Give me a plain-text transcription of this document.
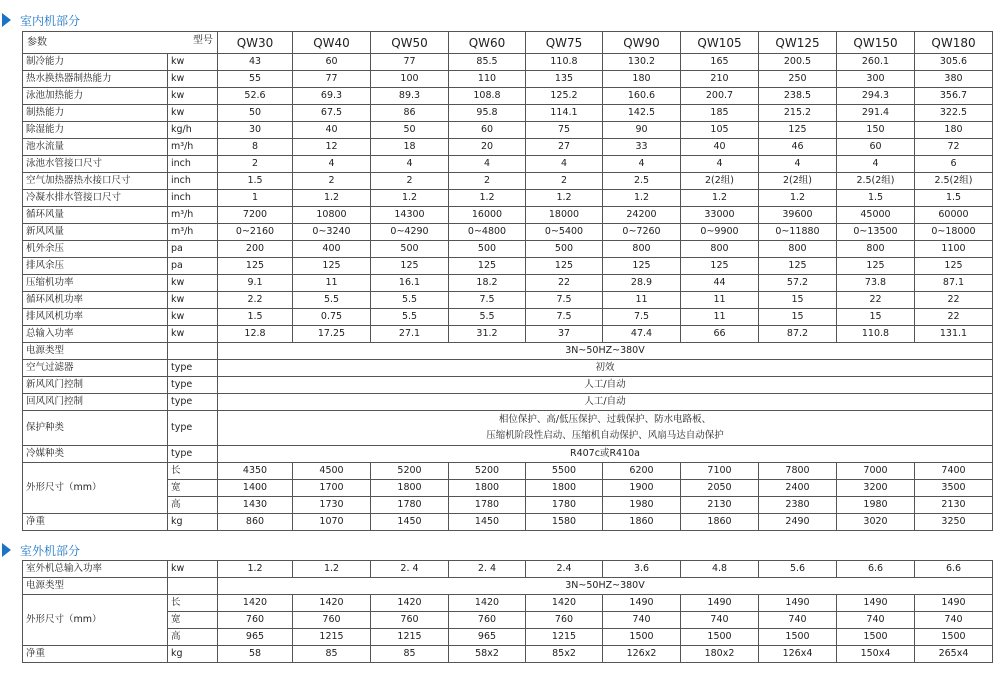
室内机部分
参数 型号		QW30	QW40	QW50	QW60	QW75	QW90	QW105	QW125	QW150	QW180
制冷能力	kw	43	60	77	85.5	110.8	130.2	165	200.5	260.1	305.6
热水换热器制热能力	kw	55	77	100	110	135	180	210	250	300	380
泳池加热能力	kw	52.6	69.3	89.3	108.8	125.2	160.6	200.7	238.5	294.3	356.7
制热能力	kw	50	67.5	86	95.8	114.1	142.5	185	215.2	291.4	322.5
除湿能力	kg/h	30	40	50	60	75	90	105	125	150	180
池水流量	m³/h	8	12	18	20	27	33	40	46	60	72
泳池水管接口尺寸	inch	2	4	4	4	4	4	4	4	4	6
空气加热器热水接口尺寸	inch	1.5	2	2	2	2	2.5	2(2组)	2(2组)	2.5(2组)	2.5(2组)
冷凝水排水管接口尺寸	inch	1	1.2	1.2	1.2	1.2	1.2	1.2	1.2	1.5	1.5
循环风量	m³/h	7200	10800	14300	16000	18000	24200	33000	39600	45000	60000
新风风量	m³/h	0~2160	0~3240	0~4290	0~4800	0~5400	0~7260	0~9900	0~11880	0~13500	0~18000
机外余压	pa	200	400	500	500	500	800	800	800	800	1100
排风余压	pa	125	125	125	125	125	125	125	125	125	125
压缩机功率	kw	9.1	11	16.1	18.2	22	28.9	44	57.2	73.8	87.1
循环风机功率	kw	2.2	5.5	5.5	7.5	7.5	11	11	15	22	22
排风风机功率	kw	1.5	0.75	5.5	5.5	7.5	7.5	11	15	15	22
总输入功率	kw	12.8	17.25	27.1	31.2	37	47.4	66	87.2	110.8	131.1
电源类型		3N~50HZ~380V									
空气过滤器	type	初效									
新风风门控制	type	人工/自动									
回风风门控制	type	人工/自动									
保护种类	type	相位保护、高/低压保护、过载保护、防水电路板、
压缩机阶段性启动、压缩机自动保护、风扇马达自动保护									

冷媒种类	type	R407c或R410a									
外形尺寸（mm）	长	4350	4500	5200	5200	5500	6200	7100	7800	7000	7400
	宽	1400	1700	1800	1800	1800	1900	2050	2400	3200	3500
	高	1430	1730	1780	1780	1780	1980	2130	2380	1980	2130
净重	kg	860	1070	1450	1450	1580	1860	1860	2490	3020	3250
室外机部分
室外机总输入功率	kw	1.2	1.2	2. 4	2. 4	2.4	3.6	4.8	5.6	6.6	6.6
电源类型		3N~50HZ~380V									
外形尺寸（mm）	长	1420	1420	1420	1420	1420	1490	1490	1490	1490	1490
	宽	760	760	760	760	760	740	740	740	740	740
	高	965	1215	1215	965	1215	1500	1500	1500	1500	1500
净重	kg	58	85	85	58x2	85x2	126x2	180x2	126x4	150x4	265x4
